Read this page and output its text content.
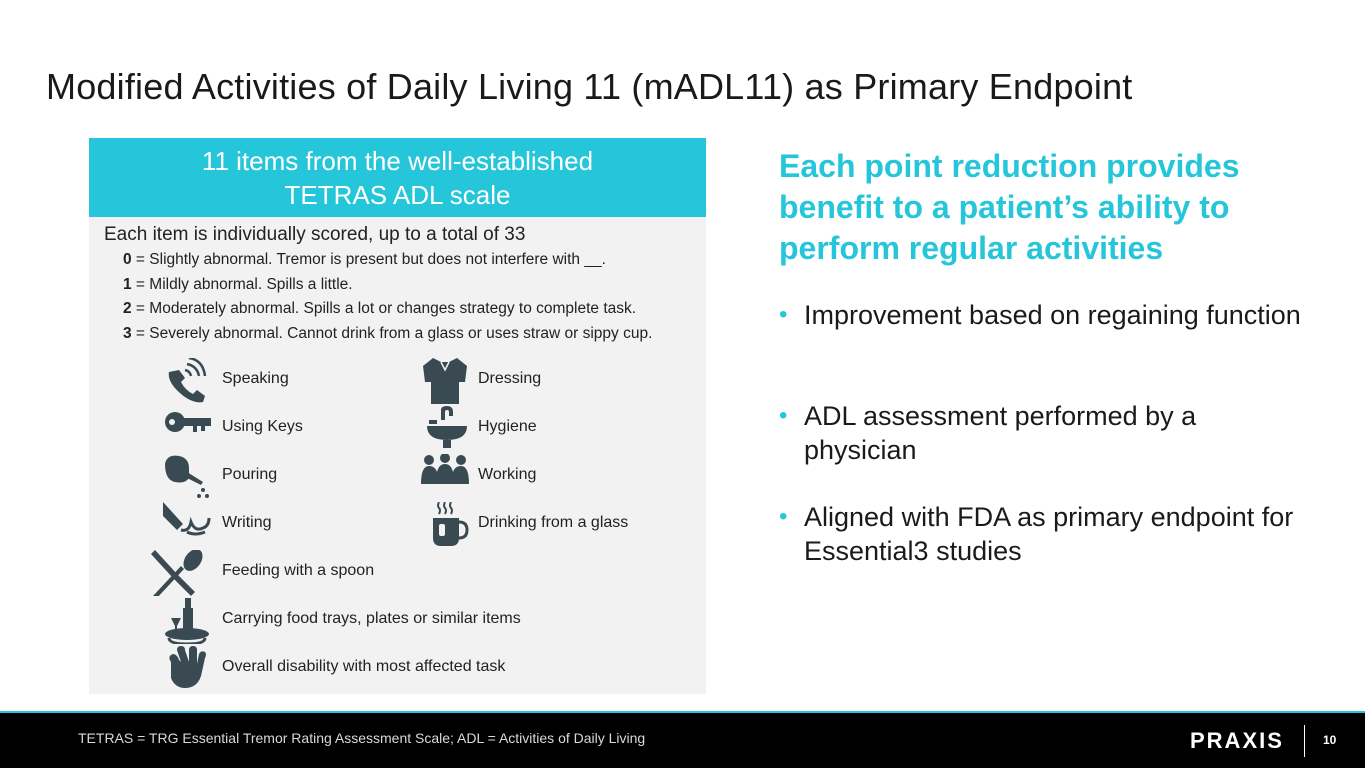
Modified Activities of Daily Living 11 (mADL11) as Primary Endpoint
11 items from the well-established
TETRAS ADL scale
Each item is individually scored, up to a total of 33
0 = Slightly abnormal. Tremor is present but does not interfere with __.
1 = Mildly abnormal. Spills a little.
2 = Moderately abnormal. Spills a lot or changes strategy to complete task.
3 = Severely abnormal. Cannot drink from a glass or uses straw or sippy cup.
Speaking	Dressing
Using Keys	Hygiene
Pouring	Working
Writing	Drinking from a glass
Feeding with a spoon
Carrying food trays, plates or similar items
Overall disability with most affected task
Each point reduction provides benefit to a patient’s ability to perform regular activities
• Improvement based on regaining function
• ADL assessment performed by a physician
• Aligned with FDA as primary endpoint for Essential3 studies
TETRAS = TRG Essential Tremor Rating Assessment Scale; ADL = Activities of Daily Living	PRAXIS	10
